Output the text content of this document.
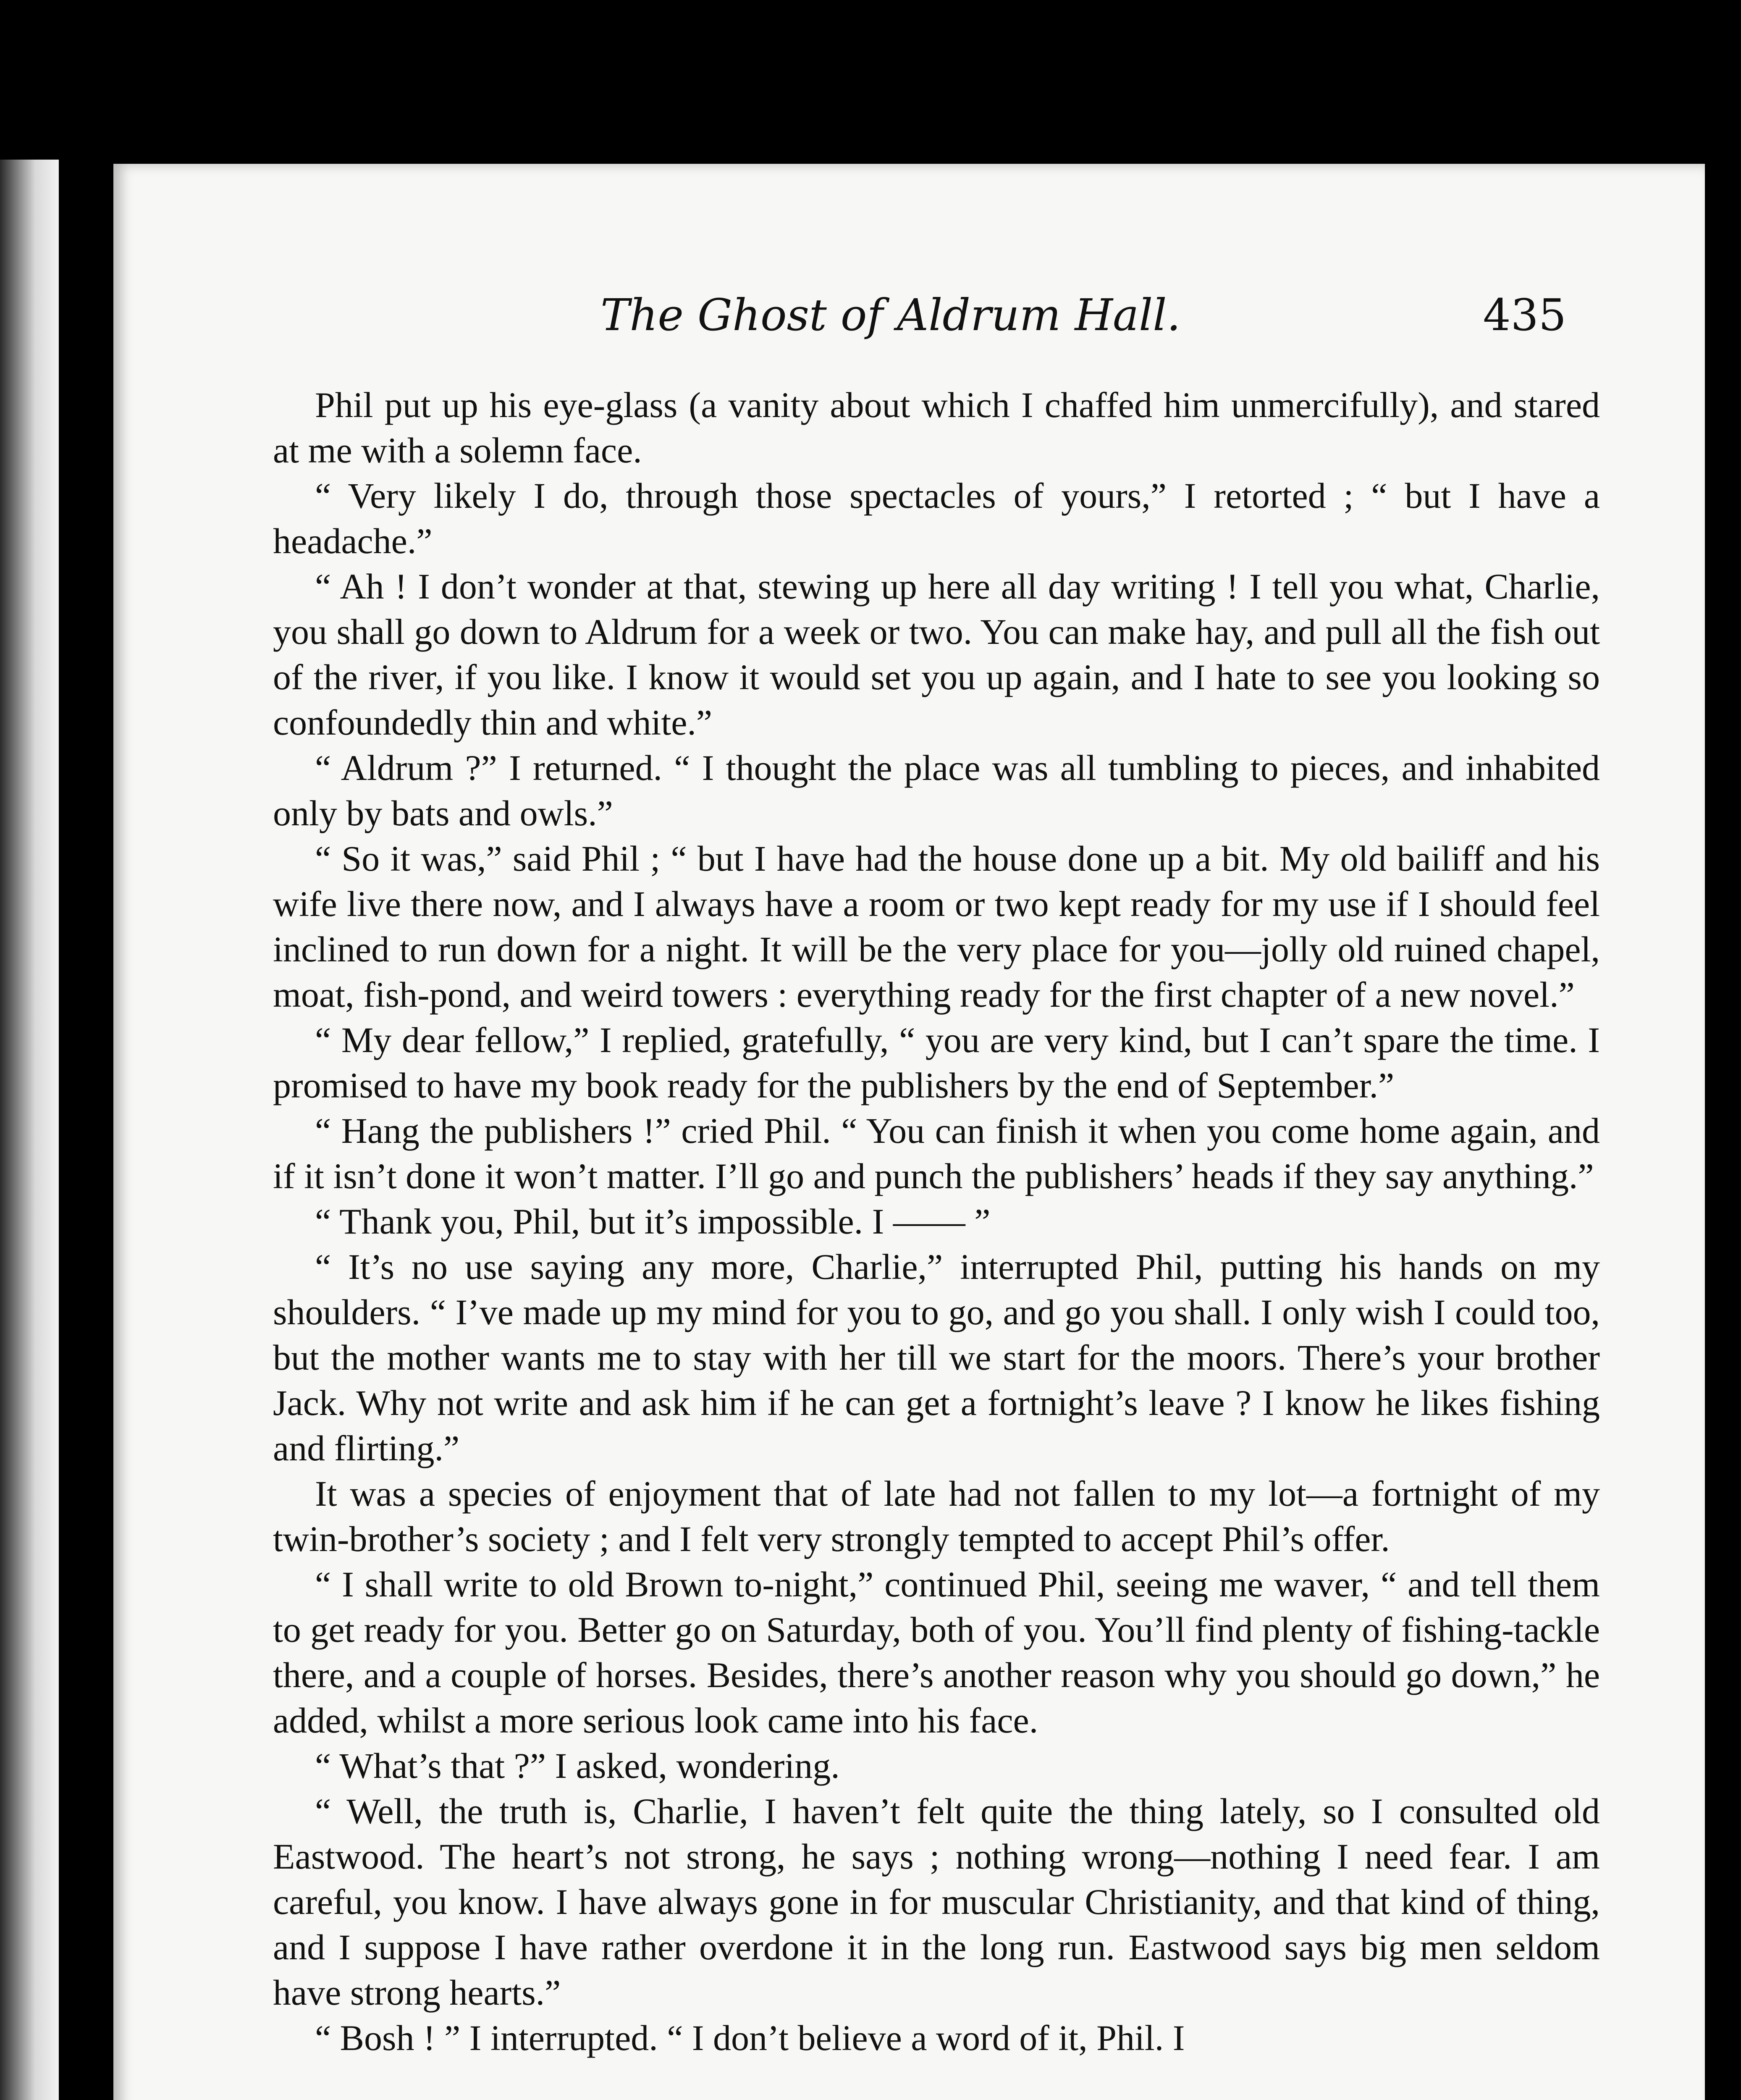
The Ghost of Aldrum Hall.	435

Phil put up his eye-glass (a vanity about which I chaffed him unmercifully), and stared at me with a solemn face.

“ Very likely I do, through those spectacles of yours,” I retorted ; “ but I have a headache.”

“ Ah ! I don’t wonder at that, stewing up here all day writing ! I tell you what, Charlie, you shall go down to Aldrum for a week or two. You can make hay, and pull all the fish out of the river, if you like. I know it would set you up again, and I hate to see you looking so confoundedly thin and white.”

“ Aldrum ?” I returned. “ I thought the place was all tumbling to pieces, and inhabited only by bats and owls.”

“ So it was,” said Phil ; “ but I have had the house done up a bit. My old bailiff and his wife live there now, and I always have a room or two kept ready for my use if I should feel inclined to run down for a night. It will be the very place for you—jolly old ruined chapel, moat, fish-pond, and weird towers : everything ready for the first chapter of a new novel.”

“ My dear fellow,” I replied, gratefully, “ you are very kind, but I can’t spare the time. I promised to have my book ready for the publishers by the end of September.”

“ Hang the publishers !” cried Phil. “ You can finish it when you come home again, and if it isn’t done it won’t matter. I’ll go and punch the publishers’ heads if they say anything.”

“ Thank you, Phil, but it’s impossible. I —— ”

“ It’s no use saying any more, Charlie,” interrupted Phil, putting his hands on my shoulders. “ I’ve made up my mind for you to go, and go you shall. I only wish I could too, but the mother wants me to stay with her till we start for the moors. There’s your brother Jack. Why not write and ask him if he can get a fortnight’s leave ? I know he likes fishing and flirting.”

It was a species of enjoyment that of late had not fallen to my lot—a fortnight of my twin-brother’s society ; and I felt very strongly tempted to accept Phil’s offer.

“ I shall write to old Brown to-night,” continued Phil, seeing me waver, “ and tell them to get ready for you. Better go on Saturday, both of you. You’ll find plenty of fishing-tackle there, and a couple of horses. Besides, there’s another reason why you should go down,” he added, whilst a more serious look came into his face.

“ What’s that ?” I asked, wondering.

“ Well, the truth is, Charlie, I haven’t felt quite the thing lately, so I consulted old Eastwood. The heart’s not strong, he says ; nothing wrong—nothing I need fear. I am careful, you know. I have always gone in for muscular Christianity, and that kind of thing, and I suppose I have rather overdone it in the long run. Eastwood says big men seldom have strong hearts.”

“ Bosh ! ” I interrupted. “ I don’t believe a word of it, Phil. I
